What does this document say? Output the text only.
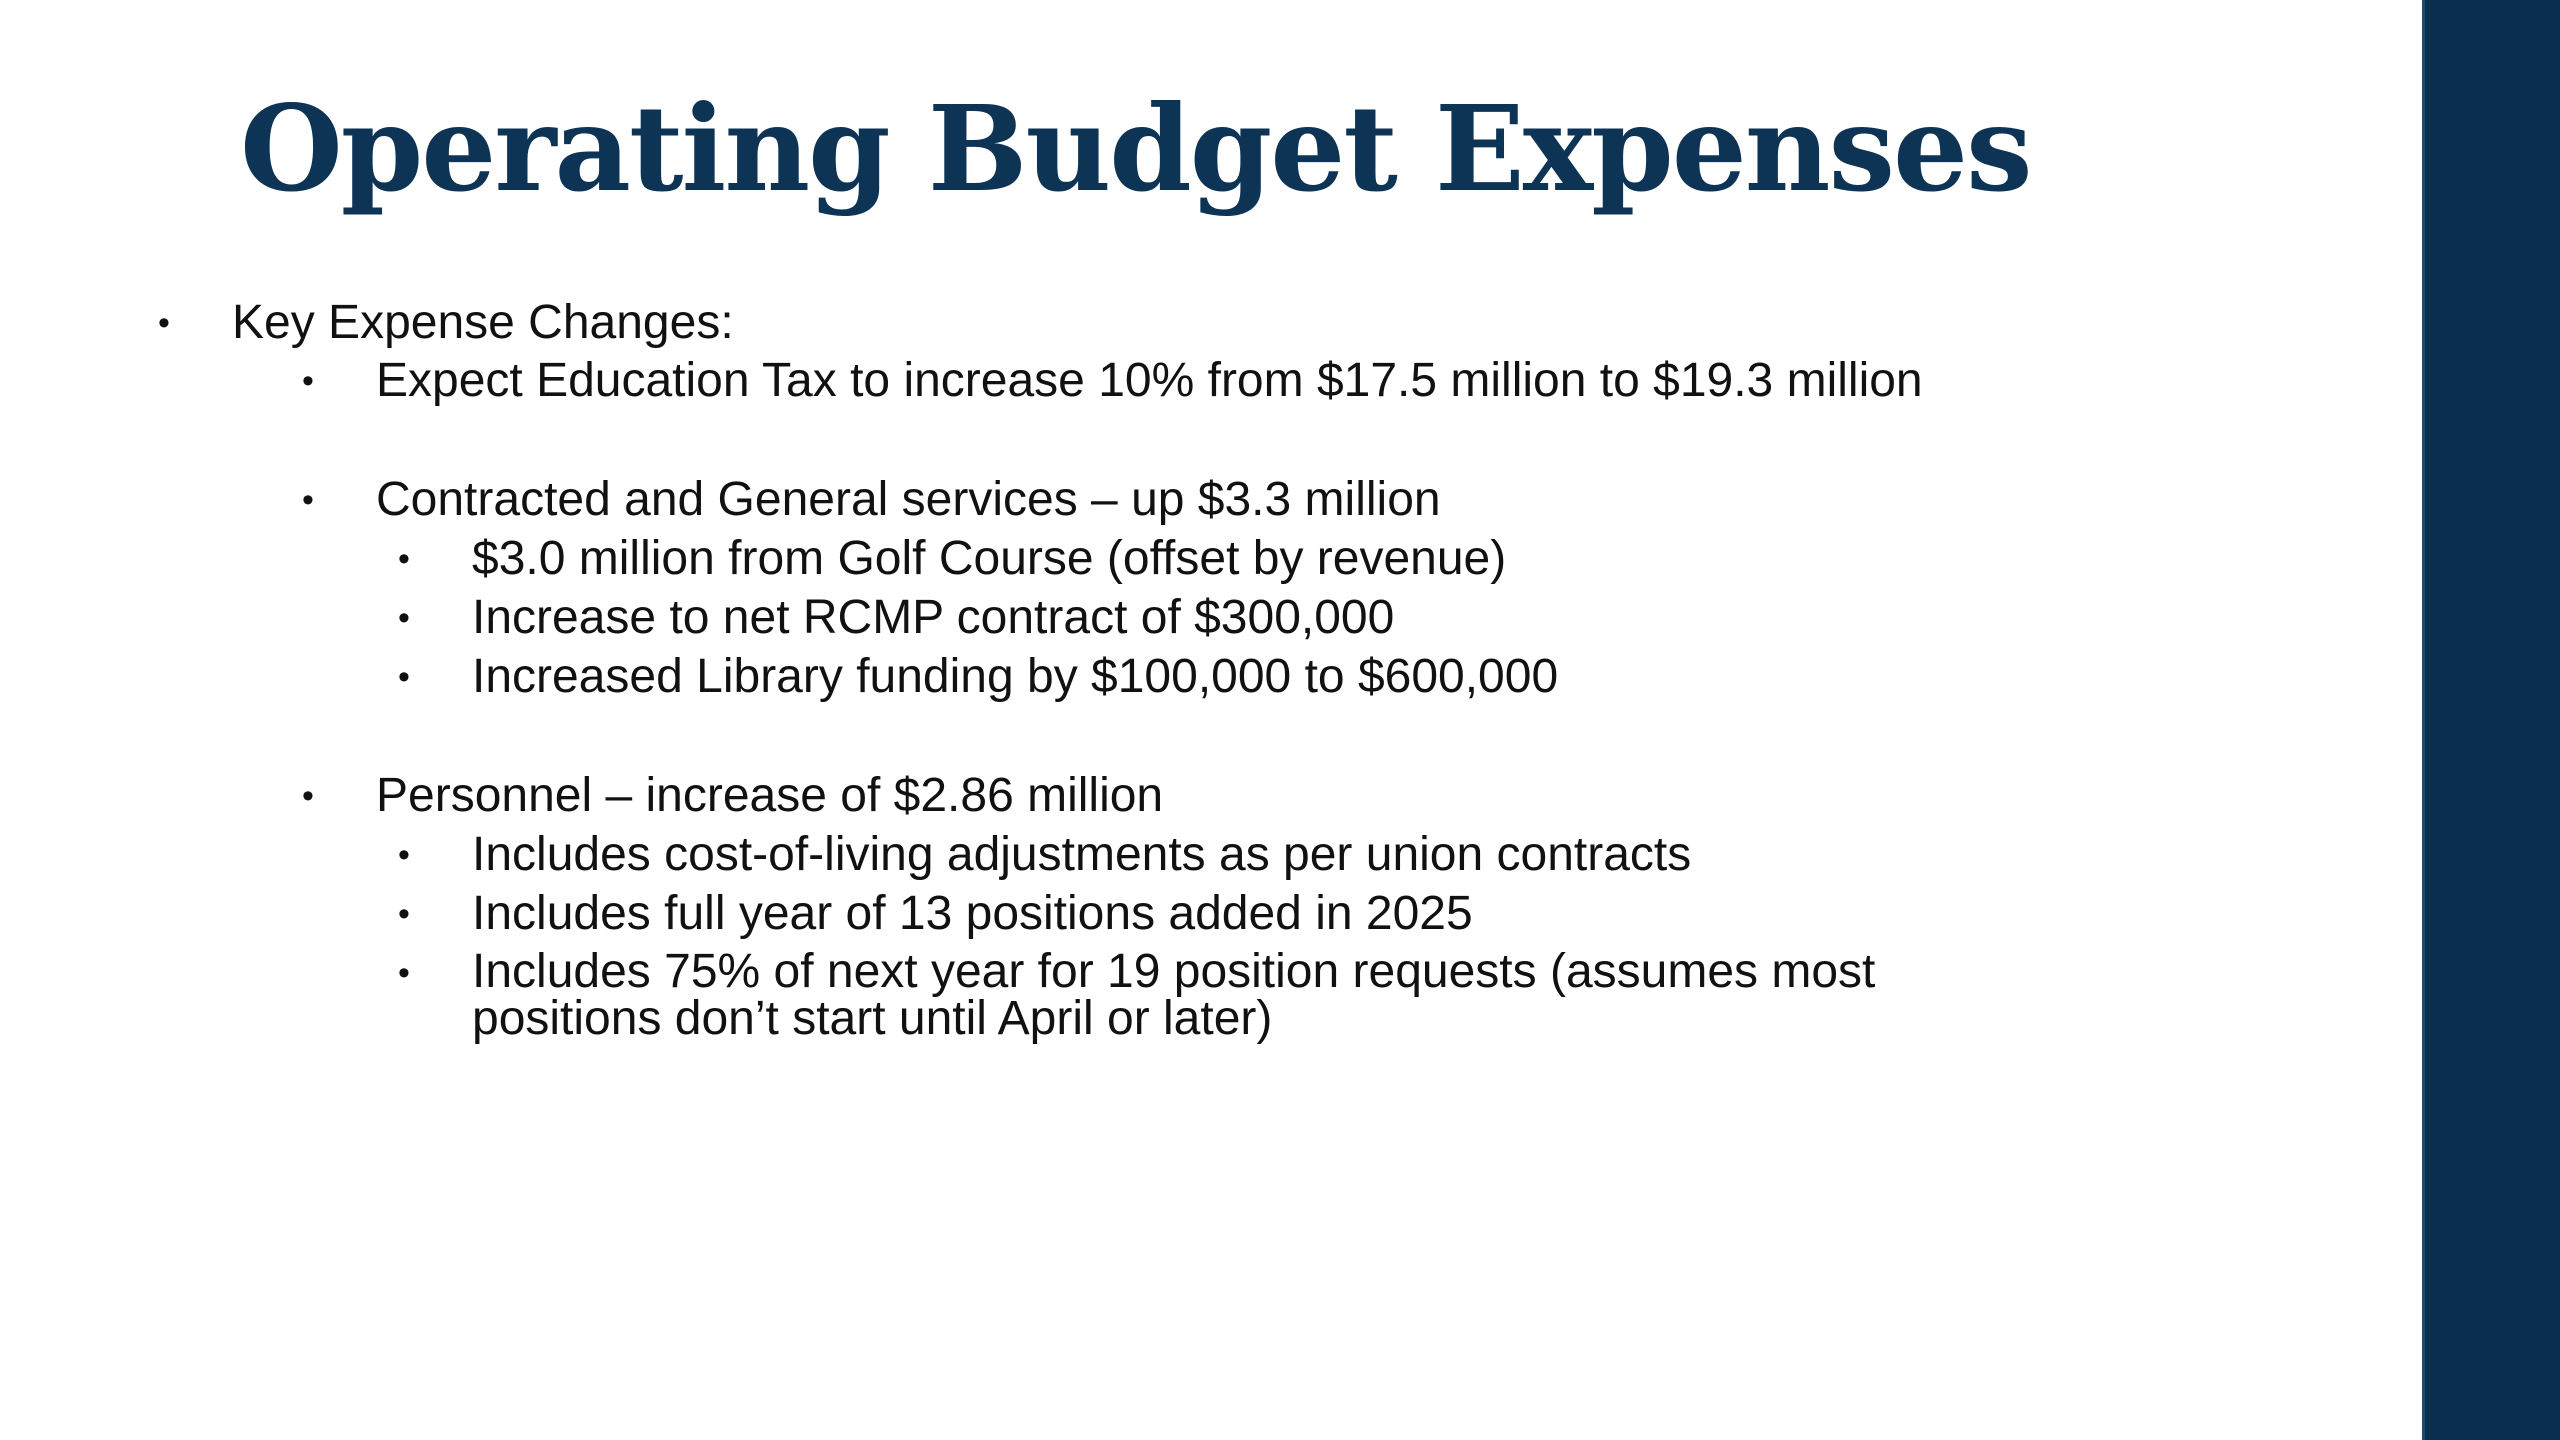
Operating Budget Expenses
•	Key Expense Changes:
•	Expect Education Tax to increase 10% from $17.5 million to $19.3 million
•	Contracted and General services – up $3.3 million
•	$3.0 million from Golf Course (offset by revenue)
•	Increase to net RCMP contract of $300,000
•	Increased Library funding by $100,000 to $600,000
•	Personnel – increase of $2.86 million
•	Includes cost-of-living adjustments as per union contracts
•	Includes full year of 13 positions added in 2025
•	Includes 75% of next year for 19 position requests (assumes most positions don’t start until April or later)
